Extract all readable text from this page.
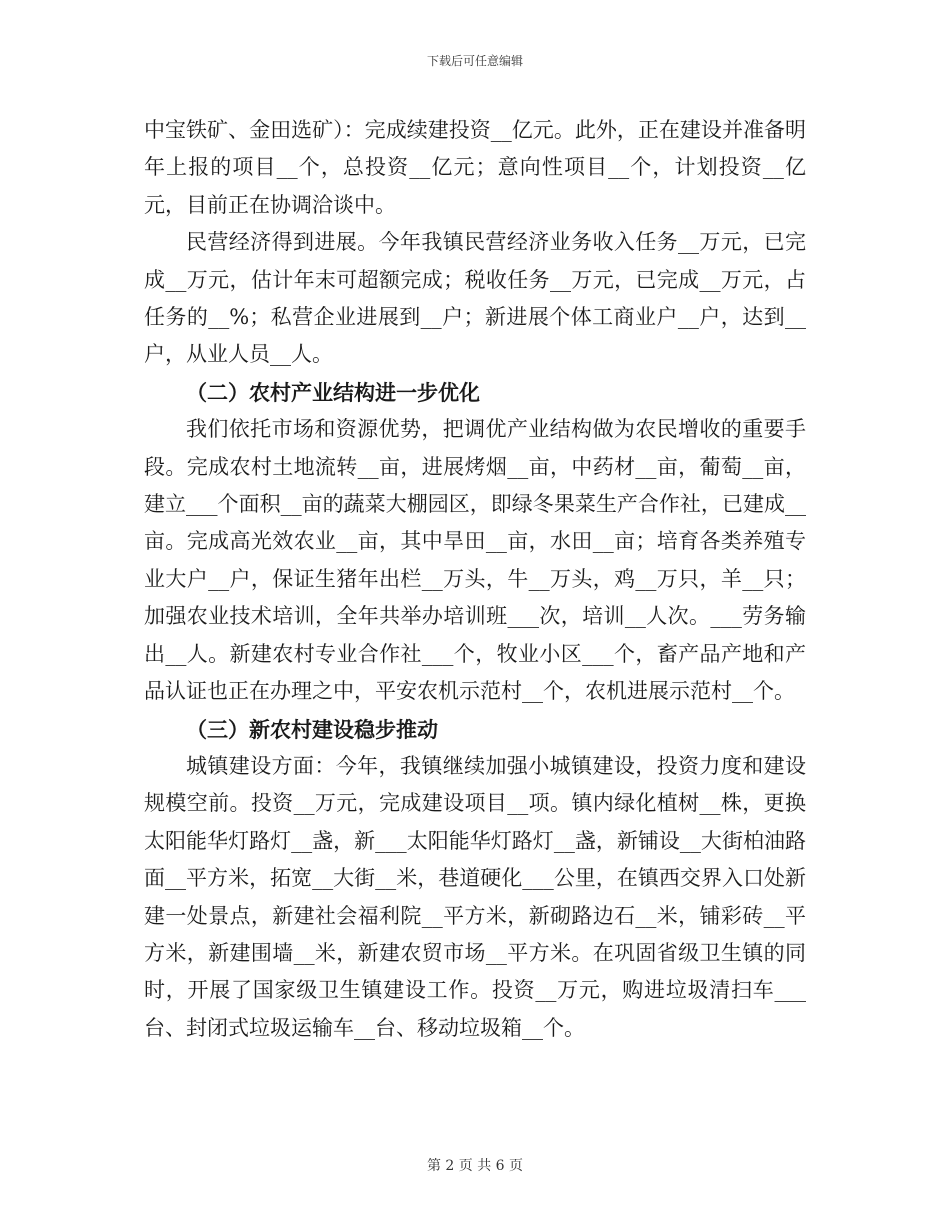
下载后可任意编辑

中宝铁矿、金田选矿）：完成续建投资__亿元。此外，正在建设并准备明年上报的项目__个，总投资__亿元；意向性项目__个，计划投资__亿元，目前正在协调洽谈中。

民营经济得到进展。今年我镇民营经济业务收入任务__万元，已完成__万元，估计年末可超额完成；税收任务__万元，已完成__万元，占任务的__%；私营企业进展到__户；新进展个体工商业户__户，达到__户，从业人员__人。

（二）农村产业结构进一步优化

我们依托市场和资源优势，把调优产业结构做为农民增收的重要手段。完成农村土地流转__亩，进展烤烟__亩，中药材__亩，葡萄__亩，建立___个面积__亩的蔬菜大棚园区，即绿冬果菜生产合作社，已建成__亩。完成高光效农业__亩，其中旱田__亩，水田__亩；培育各类养殖专业大户__户，保证生猪年出栏__万头，牛__万头，鸡__万只，羊__只；加强农业技术培训，全年共举办培训班___次，培训__人次。___劳务输出__人。新建农村专业合作社___个，牧业小区___个，畜产品产地和产品认证也正在办理之中，平安农机示范村__个，农机进展示范村__个。

（三）新农村建设稳步推动

城镇建设方面：今年，我镇继续加强小城镇建设，投资力度和建设规模空前。投资__万元，完成建设项目__项。镇内绿化植树__株，更换太阳能华灯路灯__盏，新___太阳能华灯路灯__盏，新铺设__大街柏油路面__平方米，拓宽__大街__米，巷道硬化___公里，在镇西交界入口处新建一处景点，新建社会福利院__平方米，新砌路边石__米，铺彩砖__平方米，新建围墙__米，新建农贸市场__平方米。在巩固省级卫生镇的同时，开展了国家级卫生镇建设工作。投资__万元，购进垃圾清扫车___台、封闭式垃圾运输车__台、移动垃圾箱__个。

第 2 页 共 6 页
